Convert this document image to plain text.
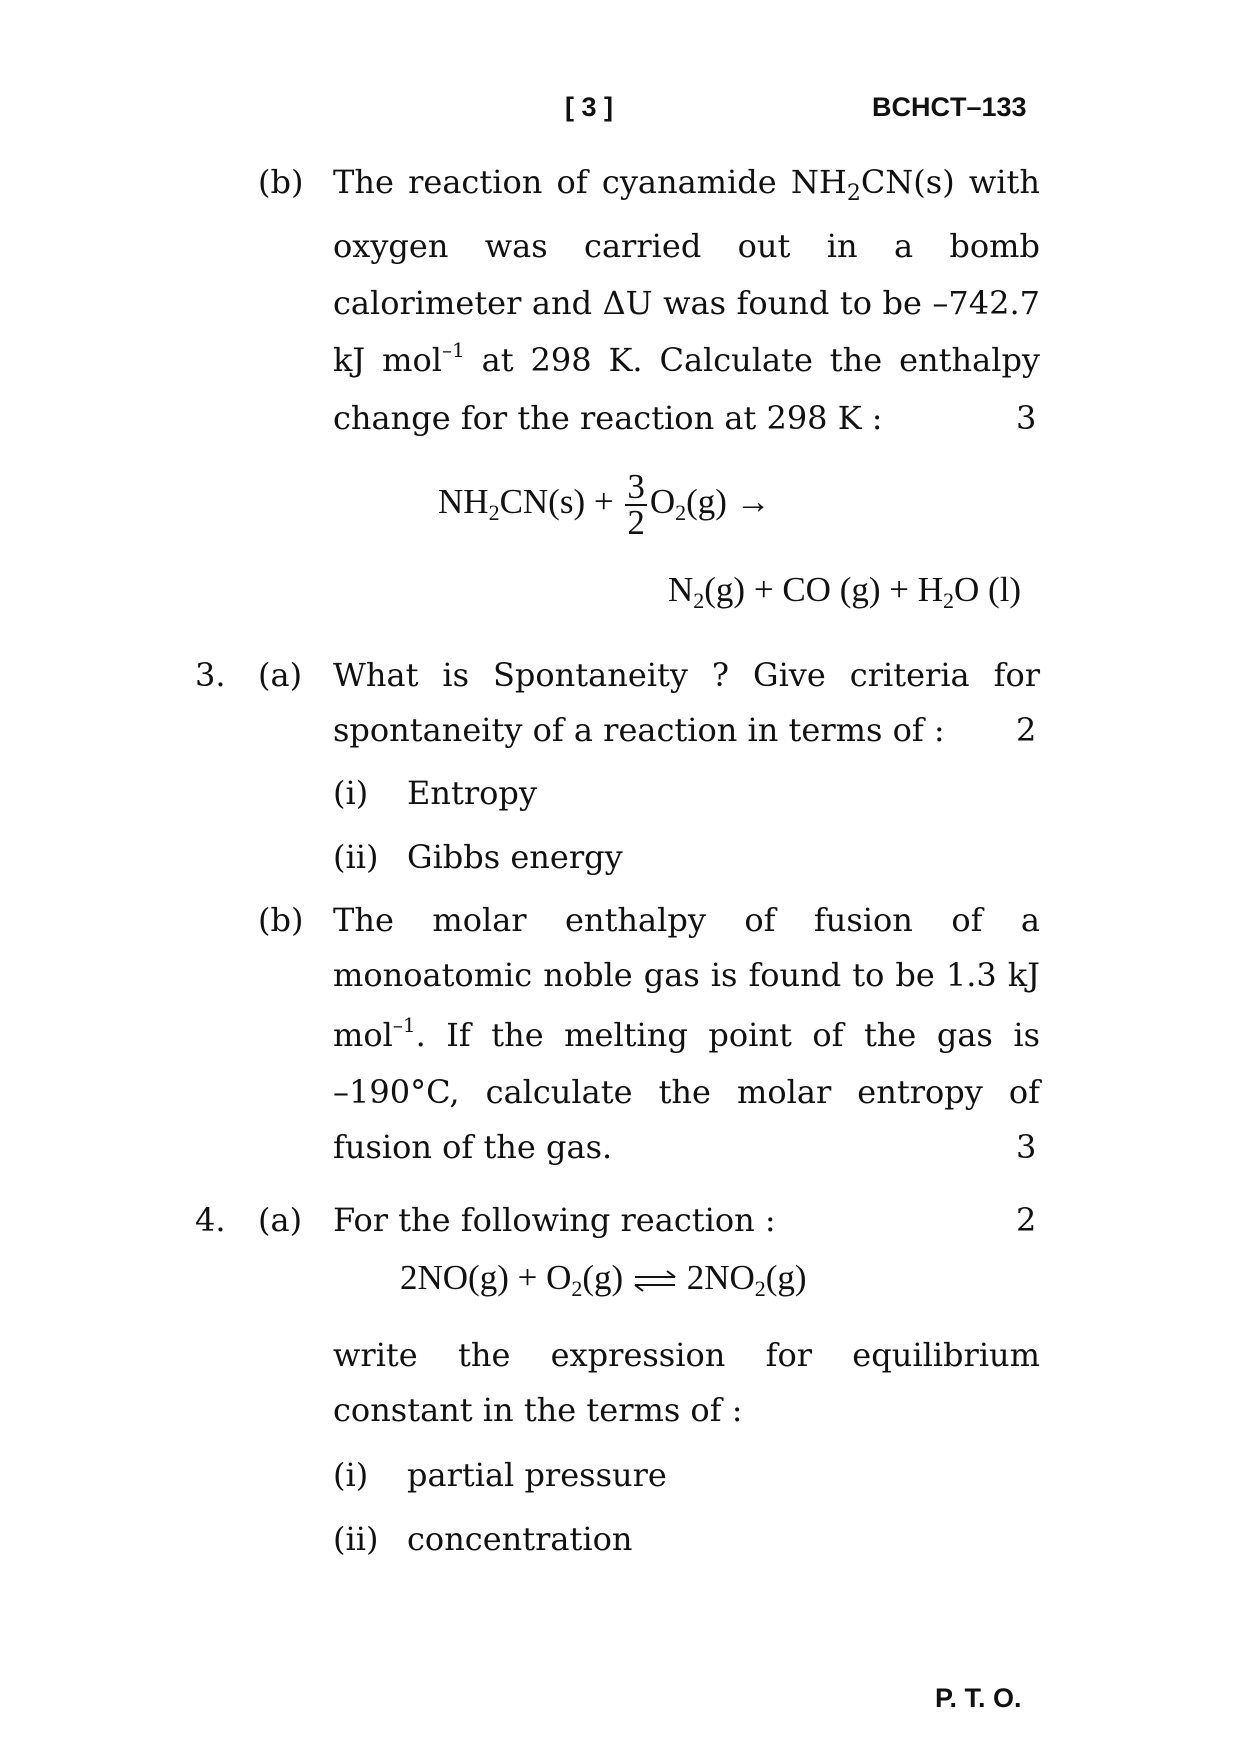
[ 3 ]	BCHCT–133
(b) The reaction of cyanamide $NH_2CN(s)$ with
oxygen was carried out in a bomb
calorimeter and ΔU was found to be –742.7
kJ mol$^{-1}$ at 298 K. Calculate the enthalpy
change for the reaction at 298 K :	3
$NH_2CN(s) + \frac{3}{2} O_2(g)$ →
$N_2(g)$ + CO $(g) + H_2O$ (l)
3. (a) What is Spontaneity ? Give criteria for
spontaneity of a reaction in terms of : 2
(i) Entropy
(ii) Gibbs energy
(b) The molar enthalpy of fusion of a
monoatomic noble gas is found to be 1.3 kJ
mol$^{-1}$. If the melting point of the gas is
–190°C, calculate the molar entropy of
fusion of the gas.	3
4. (a) For the following reaction :	2
$2NO(g) + O_2(g)$ ⇌ $2NO_2(g)$
write the expression for equilibrium
constant in the terms of :
(i) partial pressure
(ii) concentration
P. T. O.
